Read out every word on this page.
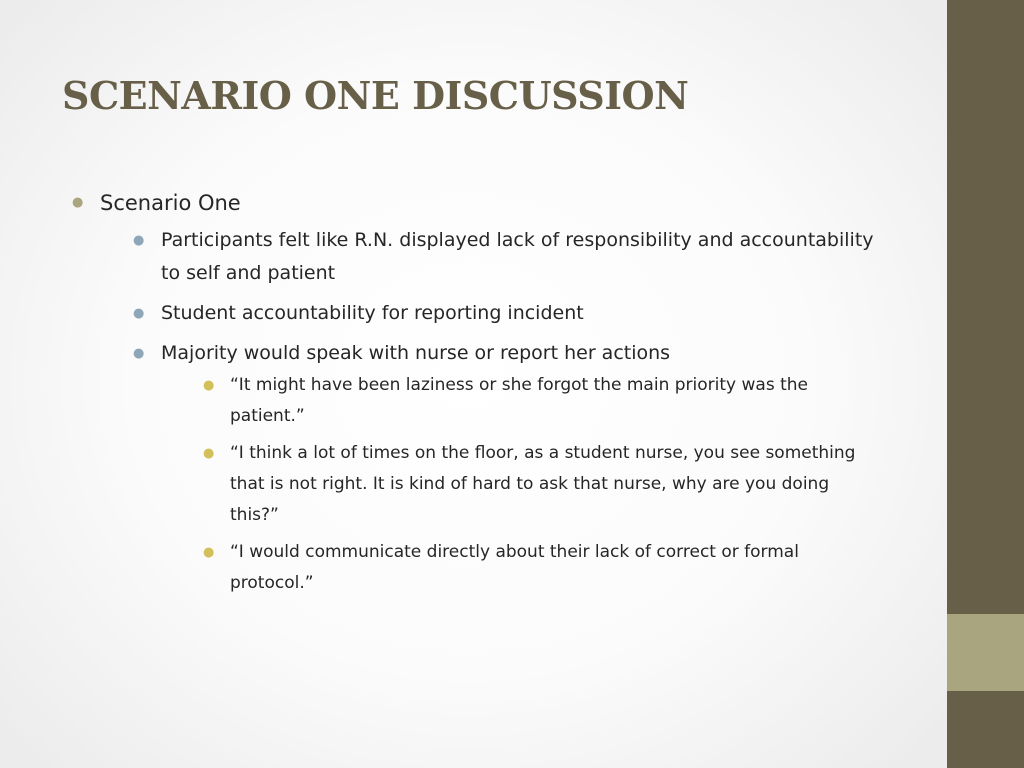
SCENARIO ONE DISCUSSION
● Scenario One
● Participants felt like R.N. displayed lack of responsibility and accountability to self and patient
● Student accountability for reporting incident
● Majority would speak with nurse or report her actions
● “It might have been laziness or she forgot the main priority was the patient.”
● “I think a lot of times on the floor, as a student nurse, you see something that is not right. It is kind of hard to ask that nurse, why are you doing this?”
● “I would communicate directly about their lack of correct or formal protocol.”
